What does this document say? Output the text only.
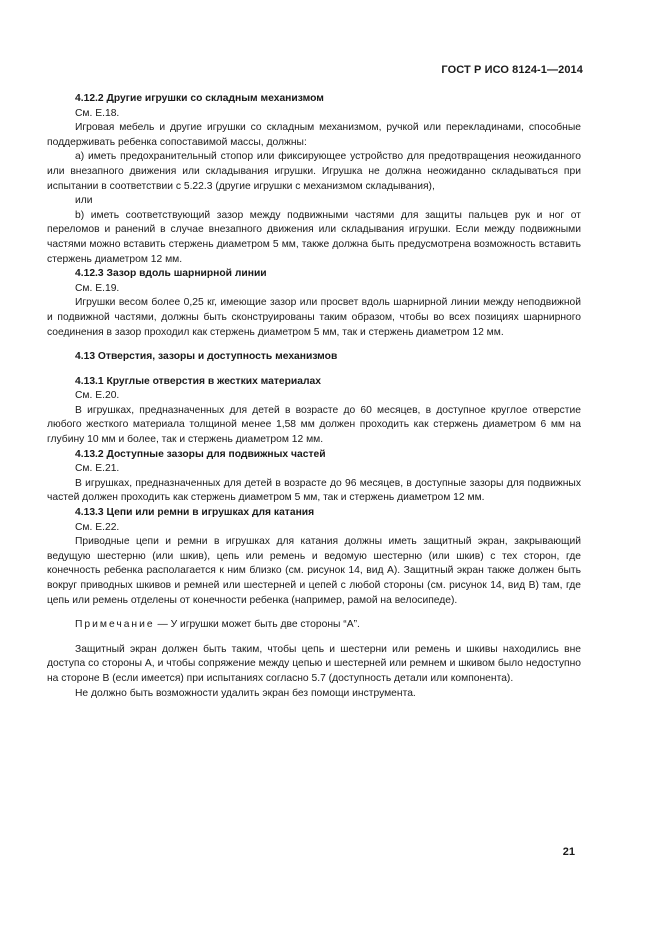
ГОСТ Р ИСО 8124-1—2014

4.12.2 Другие игрушки со складным механизмом

См. Е.18.

Игровая мебель и другие игрушки со складным механизмом, ручкой или перекладинами, способные поддерживать ребенка сопоставимой массы, должны:

a) иметь предохранительный стопор или фиксирующее устройство для предотвращения неожиданного или внезапного движения или складывания игрушки. Игрушка не должна неожиданно складываться при испытании в соответствии с 5.22.3 (другие игрушки с механизмом складывания),

или

b) иметь соответствующий зазор между подвижными частями для защиты пальцев рук и ног от переломов и ранений в случае внезапного движения или складывания игрушки. Если между подвижными частями можно вставить стержень диаметром 5 мм, также должна быть предусмотрена возможность вставить стержень диаметром 12 мм.

4.12.3 Зазор вдоль шарнирной линии

См. Е.19.

Игрушки весом более 0,25 кг, имеющие зазор или просвет вдоль шарнирной линии между неподвижной и подвижной частями, должны быть сконструированы таким образом, чтобы во всех позициях шарнирного соединения в зазор проходил как стержень диаметром 5 мм, так и стержень диаметром 12 мм.

4.13 Отверстия, зазоры и доступность механизмов

4.13.1 Круглые отверстия в жестких материалах

См. Е.20.

В игрушках, предназначенных для детей в возрасте до 60 месяцев, в доступное круглое отверстие любого жесткого материала толщиной менее 1,58 мм должен проходить как стержень диаметром 6 мм на глубину 10 мм и более, так и стержень диаметром 12 мм.

4.13.2 Доступные зазоры для подвижных частей

См. Е.21.

В игрушках, предназначенных для детей в возрасте до 96 месяцев, в доступные зазоры для подвижных частей должен проходить как стержень диаметром 5 мм, так и стержень диаметром 12 мм.

4.13.3 Цепи или ремни в игрушках для катания

См. Е.22.

Приводные цепи и ремни в игрушках для катания должны иметь защитный экран, закрывающий ведущую шестерню (или шкив), цепь или ремень и ведомую шестерню (или шкив) с тех сторон, где конечность ребенка располагается к ним близко (см. рисунок 14, вид А). Защитный экран также должен быть вокруг приводных шкивов и ремней или шестерней и цепей с любой стороны (см. рисунок 14, вид В) там, где цепь или ремень отделены от конечности ребенка (например, рамой на велосипеде).

Примечание — У игрушки может быть две стороны “А”.

Защитный экран должен быть таким, чтобы цепь и шестерни или ремень и шкивы находились вне доступа со стороны А, и чтобы сопряжение между цепью и шестерней или ремнем и шкивом было недоступно на стороне В (если имеется) при испытаниях согласно 5.7 (доступность детали или компонента).

Не должно быть возможности удалить экран без помощи инструмента.

21
